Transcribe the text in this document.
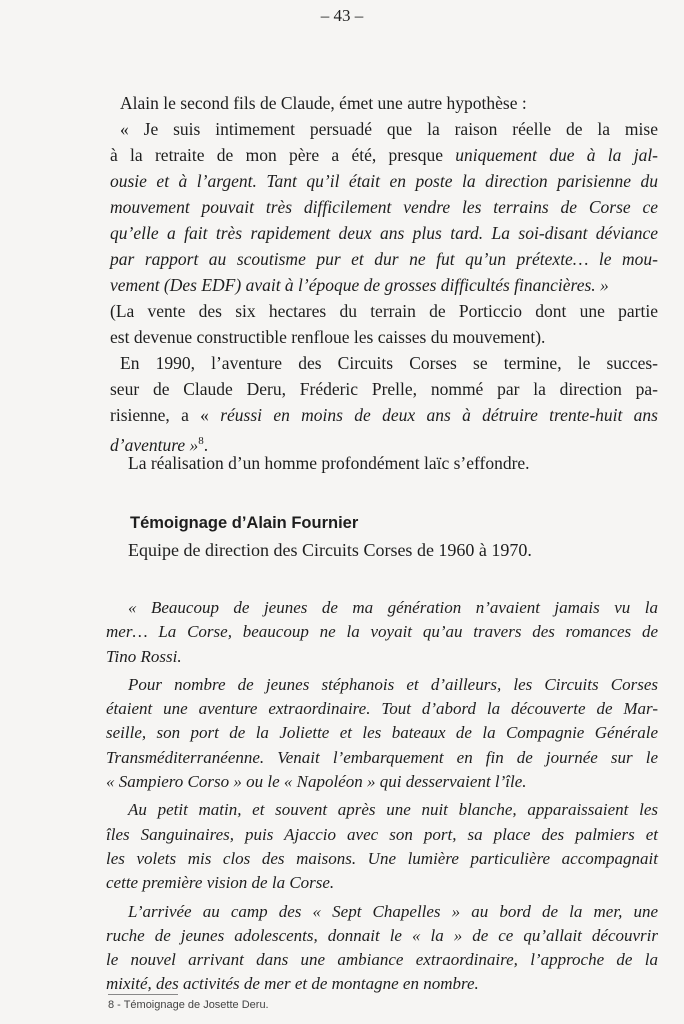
– 43 –
Alain le second fils de Claude, émet une autre hypothèse :
« Je suis intimement persuadé que la raison réelle de la mise
à la retraite de mon père a été, presque uniquement due à la jal-
ousie et à l’argent. Tant qu’il était en poste la direction parisienne du
mouvement pouvait très difficilement vendre les terrains de Corse ce
qu’elle a fait très rapidement deux ans plus tard. La soi-disant déviance
par rapport au scoutisme pur et dur ne fut qu’un prétexte… le mou-
vement (Des EDF) avait à l’époque de grosses difficultés financières. »
(La vente des six hectares du terrain de Porticcio dont une partie
est devenue constructible renfloue les caisses du mouvement).
En 1990, l’aventure des Circuits Corses se termine, le succes-
seur de Claude Deru, Fréderic Prelle, nommé par la direction pa-
risienne, a « réussi en moins de deux ans à détruire trente-huit ans
d’aventure »$^8$.
La réalisation d’un homme profondément laïc s’effondre.
Témoignage d’Alain Fournier
Equipe de direction des Circuits Corses de 1960 à 1970.
« Beaucoup de jeunes de ma génération n’avaient jamais vu la
mer… La Corse, beaucoup ne la voyait qu’au travers des romances de
Tino Rossi.
Pour nombre de jeunes stéphanois et d’ailleurs, les Circuits Corses
étaient une aventure extraordinaire. Tout d’abord la découverte de Mar-
seille, son port de la Joliette et les bateaux de la Compagnie Générale
Transméditerranéenne. Venait l’embarquement en fin de journée sur le
« Sampiero Corso » ou le « Napoléon » qui desservaient l’île.
Au petit matin, et souvent après une nuit blanche, apparaissaient les
îles Sanguinaires, puis Ajaccio avec son port, sa place des palmiers et
les volets mis clos des maisons. Une lumière particulière accompagnait
cette première vision de la Corse.
L’arrivée au camp des « Sept Chapelles » au bord de la mer, une
ruche de jeunes adolescents, donnait le « la » de ce qu’allait découvrir
le nouvel arrivant dans une ambiance extraordinaire, l’approche de la
mixité, des activités de mer et de montagne en nombre.
8 - Témoignage de Josette Deru.
